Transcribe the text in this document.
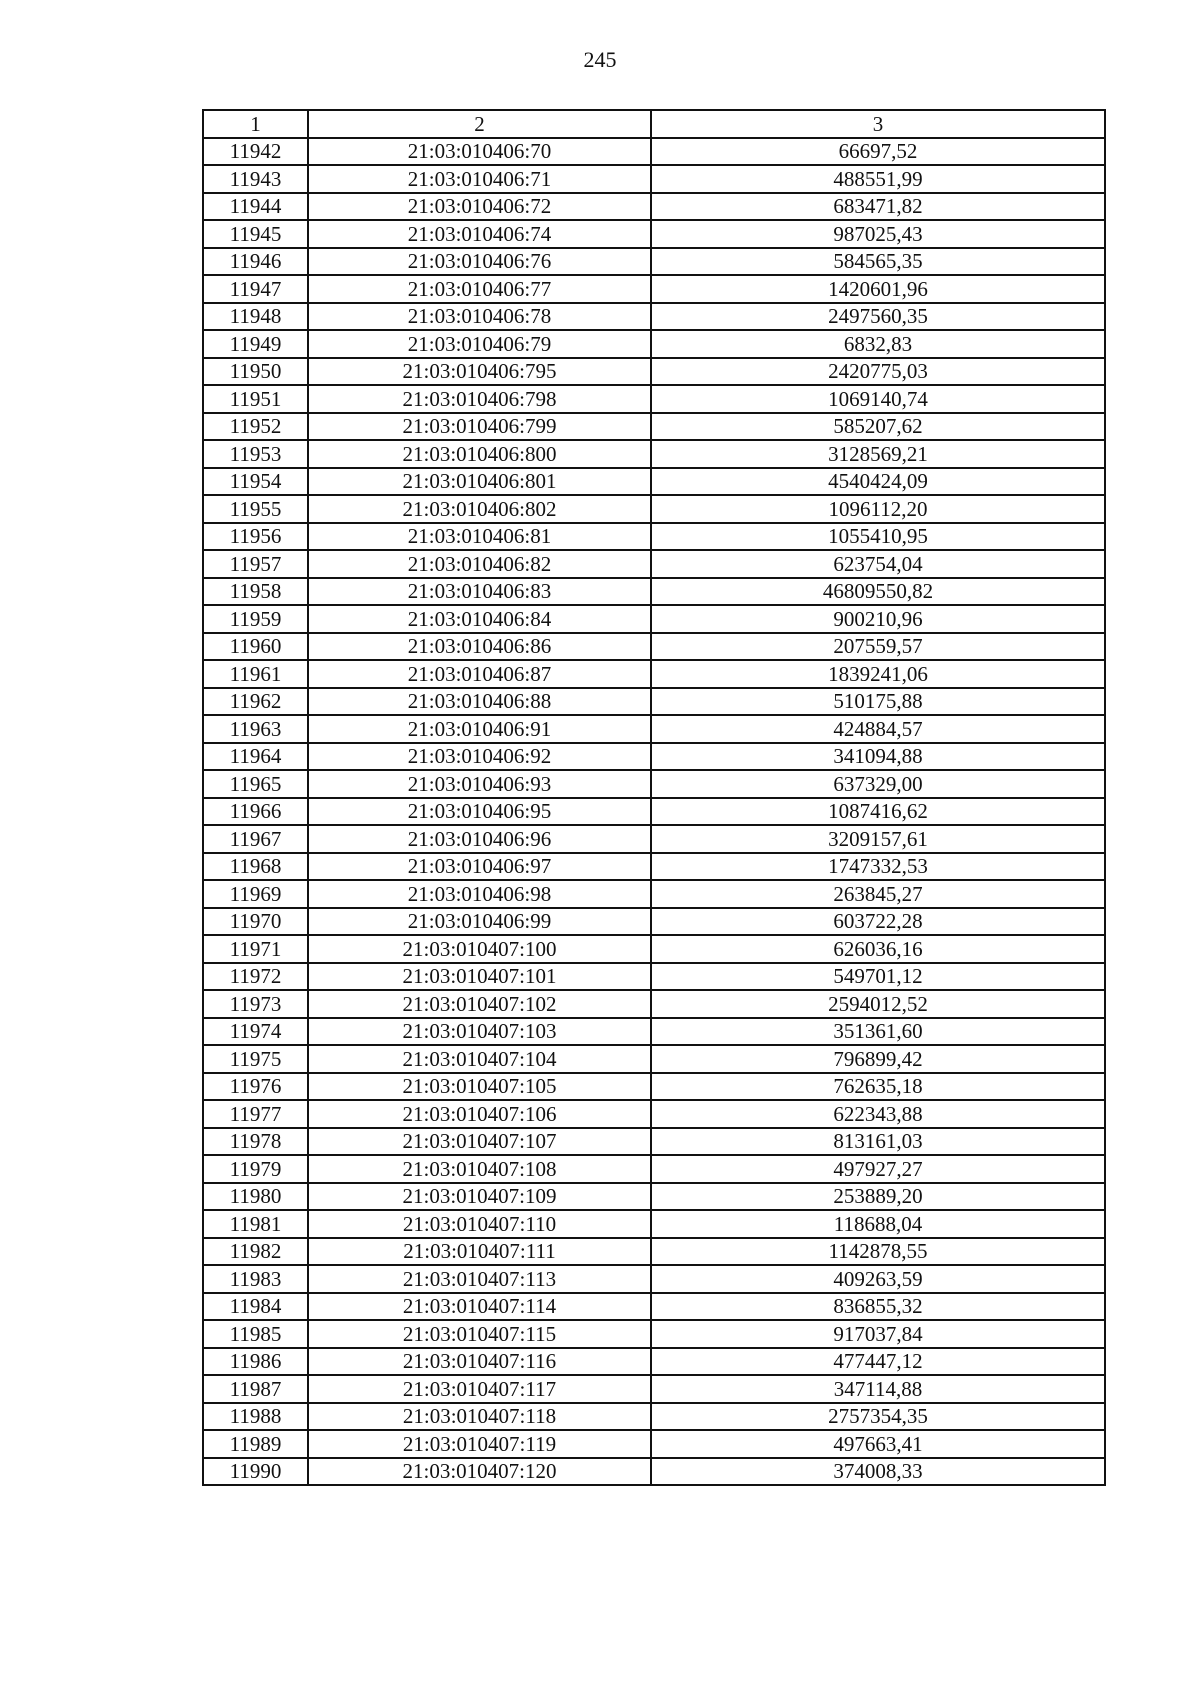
245
1	2	3
11942	21:03:010406:70	66697,52
11943	21:03:010406:71	488551,99
11944	21:03:010406:72	683471,82
11945	21:03:010406:74	987025,43
11946	21:03:010406:76	584565,35
11947	21:03:010406:77	1420601,96
11948	21:03:010406:78	2497560,35
11949	21:03:010406:79	6832,83
11950	21:03:010406:795	2420775,03
11951	21:03:010406:798	1069140,74
11952	21:03:010406:799	585207,62
11953	21:03:010406:800	3128569,21
11954	21:03:010406:801	4540424,09
11955	21:03:010406:802	1096112,20
11956	21:03:010406:81	1055410,95
11957	21:03:010406:82	623754,04
11958	21:03:010406:83	46809550,82
11959	21:03:010406:84	900210,96
11960	21:03:010406:86	207559,57
11961	21:03:010406:87	1839241,06
11962	21:03:010406:88	510175,88
11963	21:03:010406:91	424884,57
11964	21:03:010406:92	341094,88
11965	21:03:010406:93	637329,00
11966	21:03:010406:95	1087416,62
11967	21:03:010406:96	3209157,61
11968	21:03:010406:97	1747332,53
11969	21:03:010406:98	263845,27
11970	21:03:010406:99	603722,28
11971	21:03:010407:100	626036,16
11972	21:03:010407:101	549701,12
11973	21:03:010407:102	2594012,52
11974	21:03:010407:103	351361,60
11975	21:03:010407:104	796899,42
11976	21:03:010407:105	762635,18
11977	21:03:010407:106	622343,88
11978	21:03:010407:107	813161,03
11979	21:03:010407:108	497927,27
11980	21:03:010407:109	253889,20
11981	21:03:010407:110	118688,04
11982	21:03:010407:111	1142878,55
11983	21:03:010407:113	409263,59
11984	21:03:010407:114	836855,32
11985	21:03:010407:115	917037,84
11986	21:03:010407:116	477447,12
11987	21:03:010407:117	347114,88
11988	21:03:010407:118	2757354,35
11989	21:03:010407:119	497663,41
11990	21:03:010407:120	374008,33
